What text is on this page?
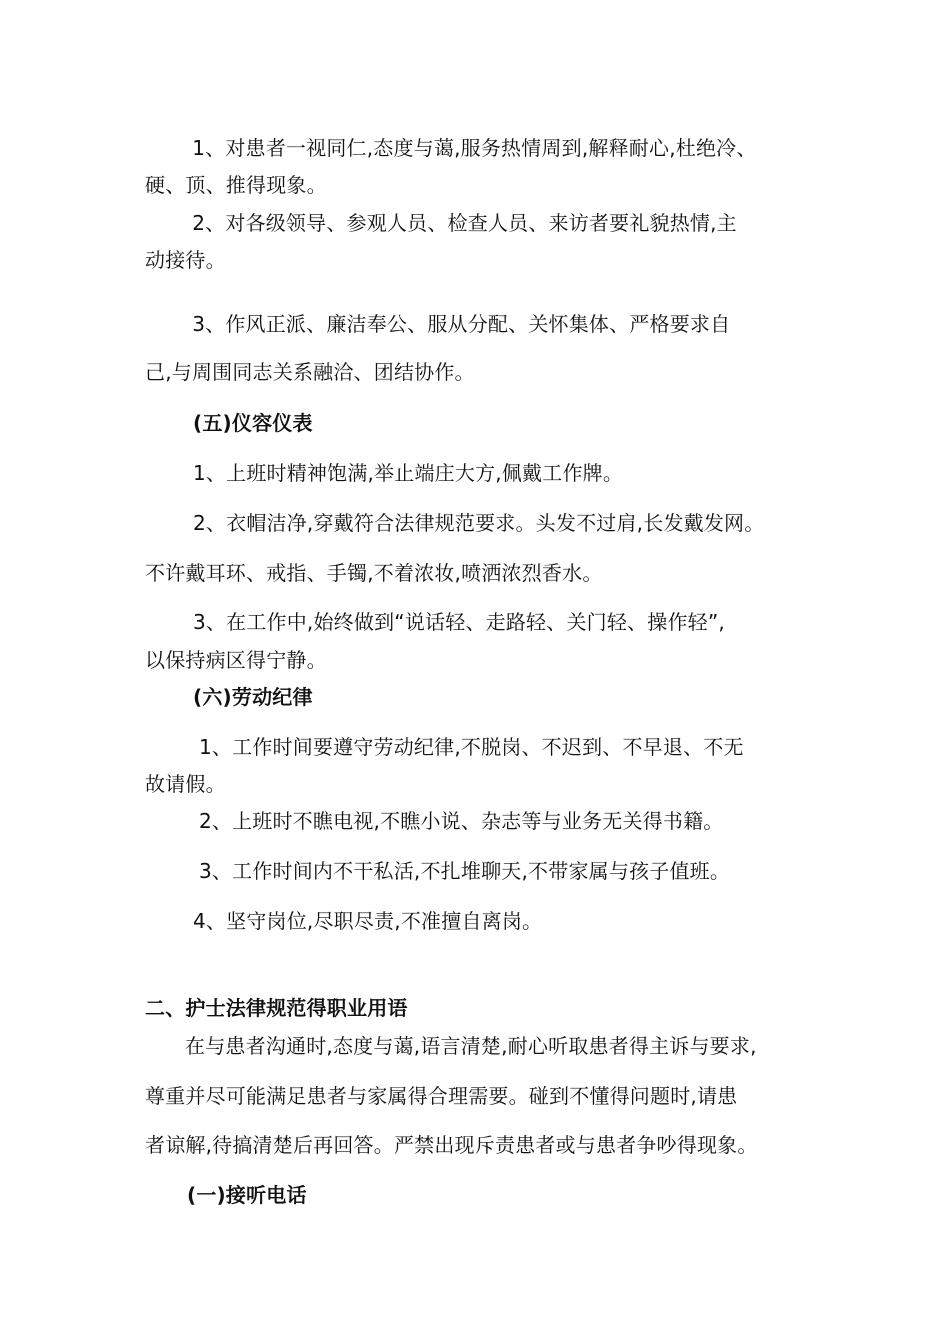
　1、对患者一视同仁,态度与蔼,服务热情周到,解释耐心,杜绝冷、
硬、顶、推得现象。
　2、对各级领导、参观人员、检查人员、来访者要礼貌热情,主
动接待。
　3、作风正派、廉洁奉公、服从分配、关怀集体、严格要求自
己,与周围同志关系融洽、团结协作。
(五)仪容仪表
1、上班时精神饱满,举止端庄大方,佩戴工作牌。
2、衣帽洁净,穿戴符合法律规范要求。头发不过肩,长发戴发网。
不许戴耳环、戒指、手镯,不着浓妆,喷洒浓烈香水。
3、在工作中,始终做到“说话轻、走路轻、关门轻、操作轻”,
以保持病区得宁静。
(六)劳动纪律
1、工作时间要遵守劳动纪律,不脱岗、不迟到、不早退、不无
故请假。
2、上班时不瞧电视,不瞧小说、杂志等与业务无关得书籍。
3、工作时间内不干私活,不扎堆聊天,不带家属与孩子值班。
4、坚守岗位,尽职尽责,不准擅自离岗。
二、护士法律规范得职业用语
在与患者沟通时,态度与蔼,语言清楚,耐心听取患者得主诉与要求,
尊重并尽可能满足患者与家属得合理需要。碰到不懂得问题时,请患
者谅解,待搞清楚后再回答。严禁出现斥责患者或与患者争吵得现象。
(一)接听电话
